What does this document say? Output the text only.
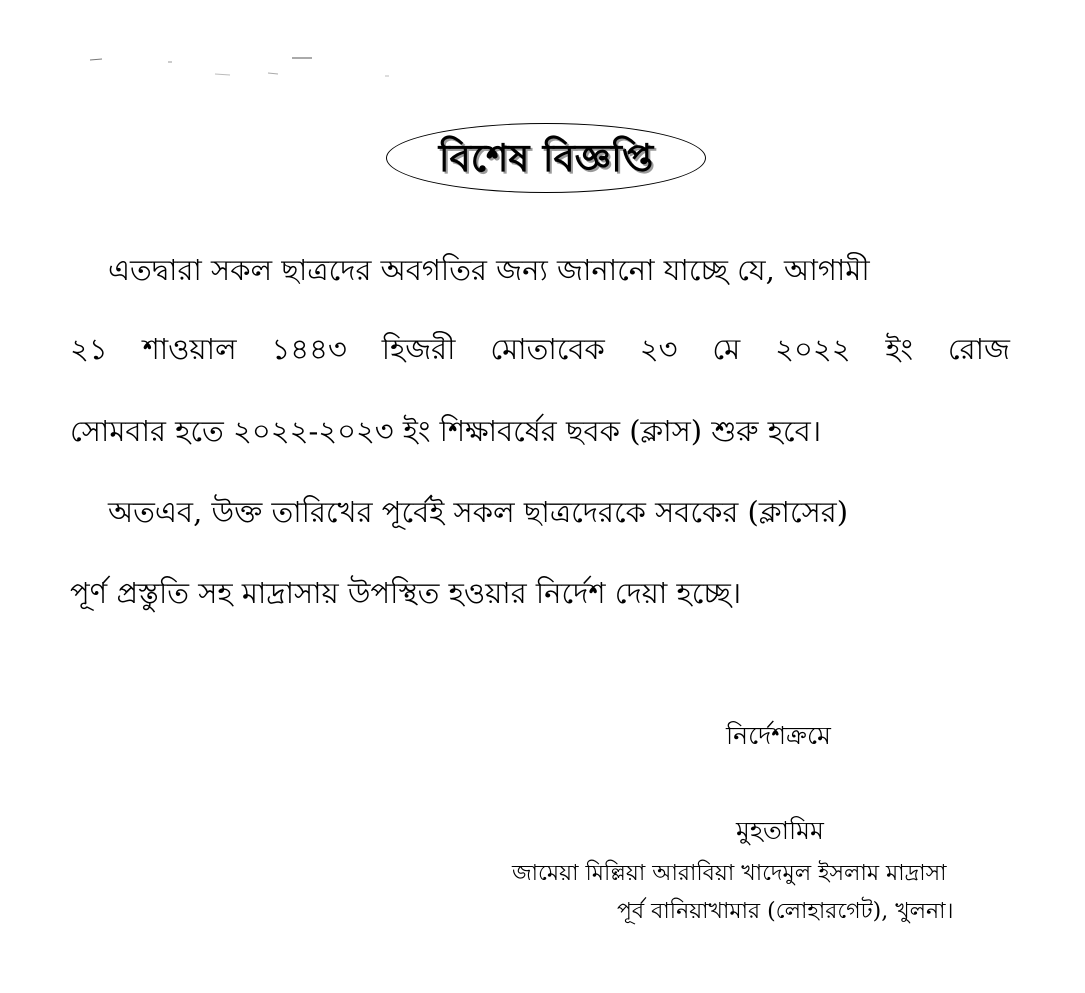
বিশেষ বিজ্ঞপ্তি
এতদ্বারা সকল ছাত্রদের অবগতির জন্য জানানো যাচ্ছে যে, আগামী
২১ শাওয়াল ১৪৪৩ হিজরী মোতাবেক ২৩ মে ২০২২ ইং রোজ
সোমবার হতে ২০২২-২০২৩ ইং শিক্ষাবর্ষের ছবক (ক্লাস) শুরু হবে।
অতএব, উক্ত তারিখের পূর্বেই সকল ছাত্রদেরকে সবকের (ক্লাসের)
পূর্ণ প্রস্তুতি সহ মাদ্রাসায় উপস্থিত হওয়ার নির্দেশ দেয়া হচ্ছে।
নির্দেশক্রমে
মুহতামিম
জামেয়া মিল্লিয়া আরাবিয়া খাদেমুল ইসলাম মাদ্রাসা
পূর্ব বানিয়াখামার (লোহারগেট), খুলনা।
